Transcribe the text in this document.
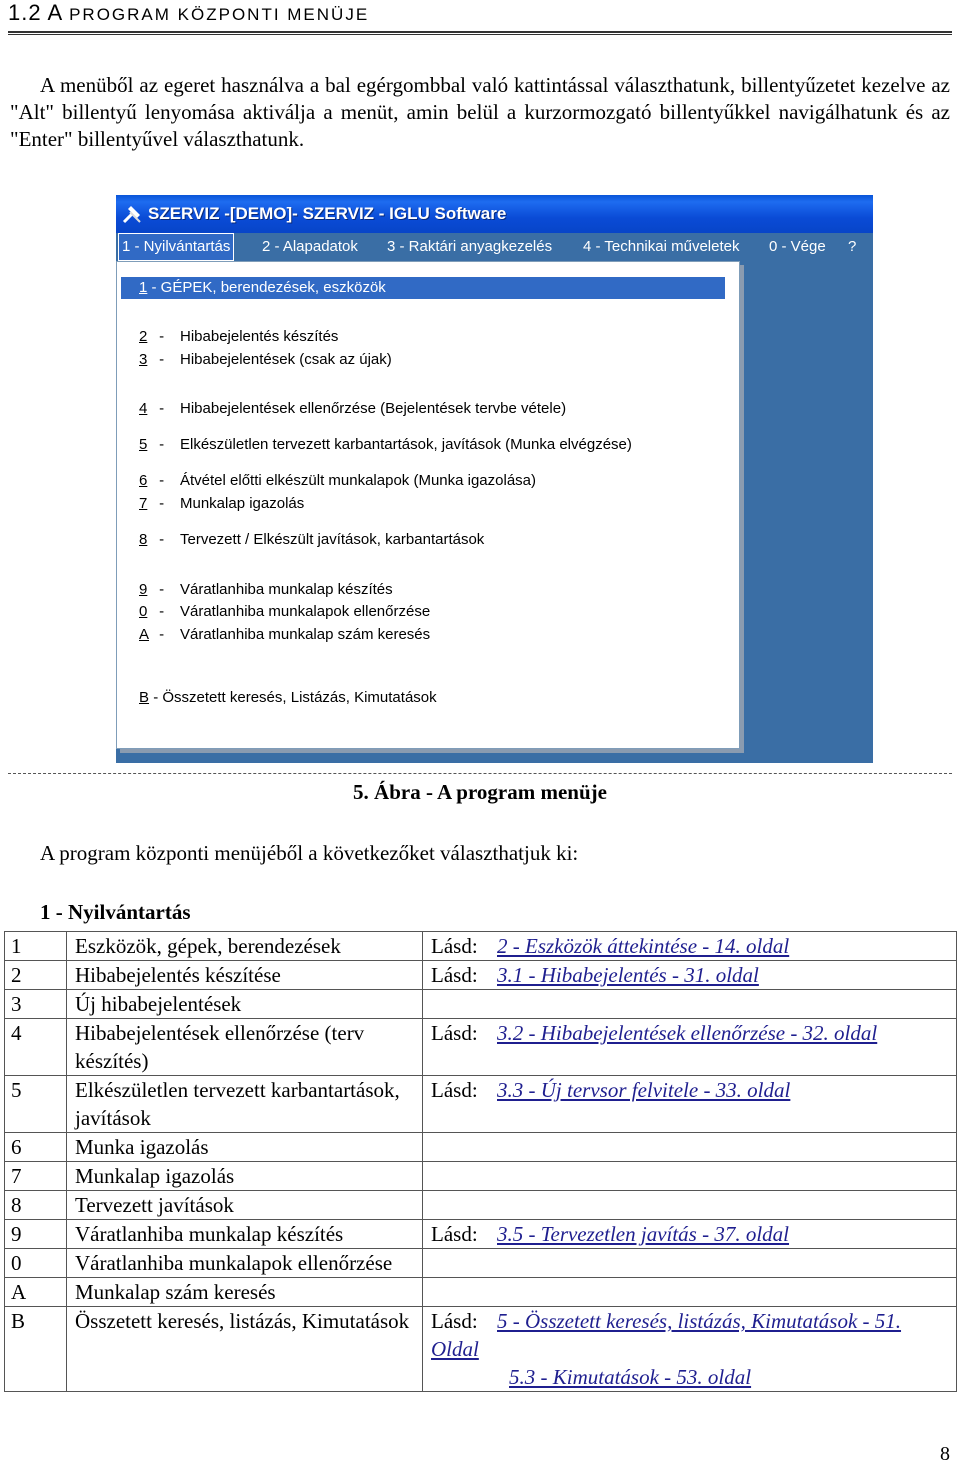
1.2 A PROGRAM KÖZPONTI MENÜJE

A menüből az egeret használva a bal egérgombbal való kattintással választhatunk, billentyűzetet kezelve az "Alt" billentyű lenyomása aktiválja a menüt, amin belül a kurzormozgató billentyűkkel navigálhatunk és az "Enter" billentyűvel választhatunk.

SZERVIZ -[DEMO]- SZERVIZ - IGLU Software
1 - Nyilvántartás 2 - Alapadatok 3 - Raktári anyagkezelés 4 - Technikai műveletek 0 - Vége ?
1 - GÉPEK, berendezések, eszközök
2 - Hibabejelentés készítés
3 - Hibabejelentések (csak az újak)
4 - Hibabejelentések ellenőrzése (Bejelentések tervbe vétele)
5 - Elkészületlen tervezett karbantartások, javítások (Munka elvégzése)
6 - Átvétel előtti elkészült munkalapok (Munka igazolása)
7 - Munkalap igazolás
8 - Tervezett / Elkészült javítások, karbantartások
9 - Váratlanhiba munkalap készítés
0 - Váratlanhiba munkalapok ellenőrzése
A - Váratlanhiba munkalap szám keresés
B - Összetett keresés, Listázás, Kimutatások
5. Ábra - A program menüje
A program központi menüjéből a következőket választhatjuk ki:
1 - Nyilvántartás
1	Eszközök, gépek, berendezések	Lásd: 2 - Eszközök áttekintése - 14. oldal

2	Hibabejelentés készítése	Lásd: 3.1 - Hibabejelentés - 31. oldal

3	Új hibabejelentések	
4	Hibabejelentések ellenőrzése (terv készítés)	Lásd: 3.2 - Hibabejelentések ellenőrzése - 32. oldal

5	Elkészületlen tervezett karbantartások, javítások	Lásd: 3.3 - Új tervsor felvitele - 33. oldal

6	Munka igazolás	
7	Munkalap igazolás	
8	Tervezett javítások	
9	Váratlanhiba munkalap készítés	Lásd: 3.5 - Tervezetlen javítás - 37. oldal

0	Váratlanhiba munkalapok ellenőrzése	
A	Munkalap szám keresés	
B	Összetett keresés, listázás, Kimutatások	Lásd: 5 - Összetett keresés, listázás, Kimutatások - 51. Oldal
5.3 - Kimutatások - 53. oldal
8
